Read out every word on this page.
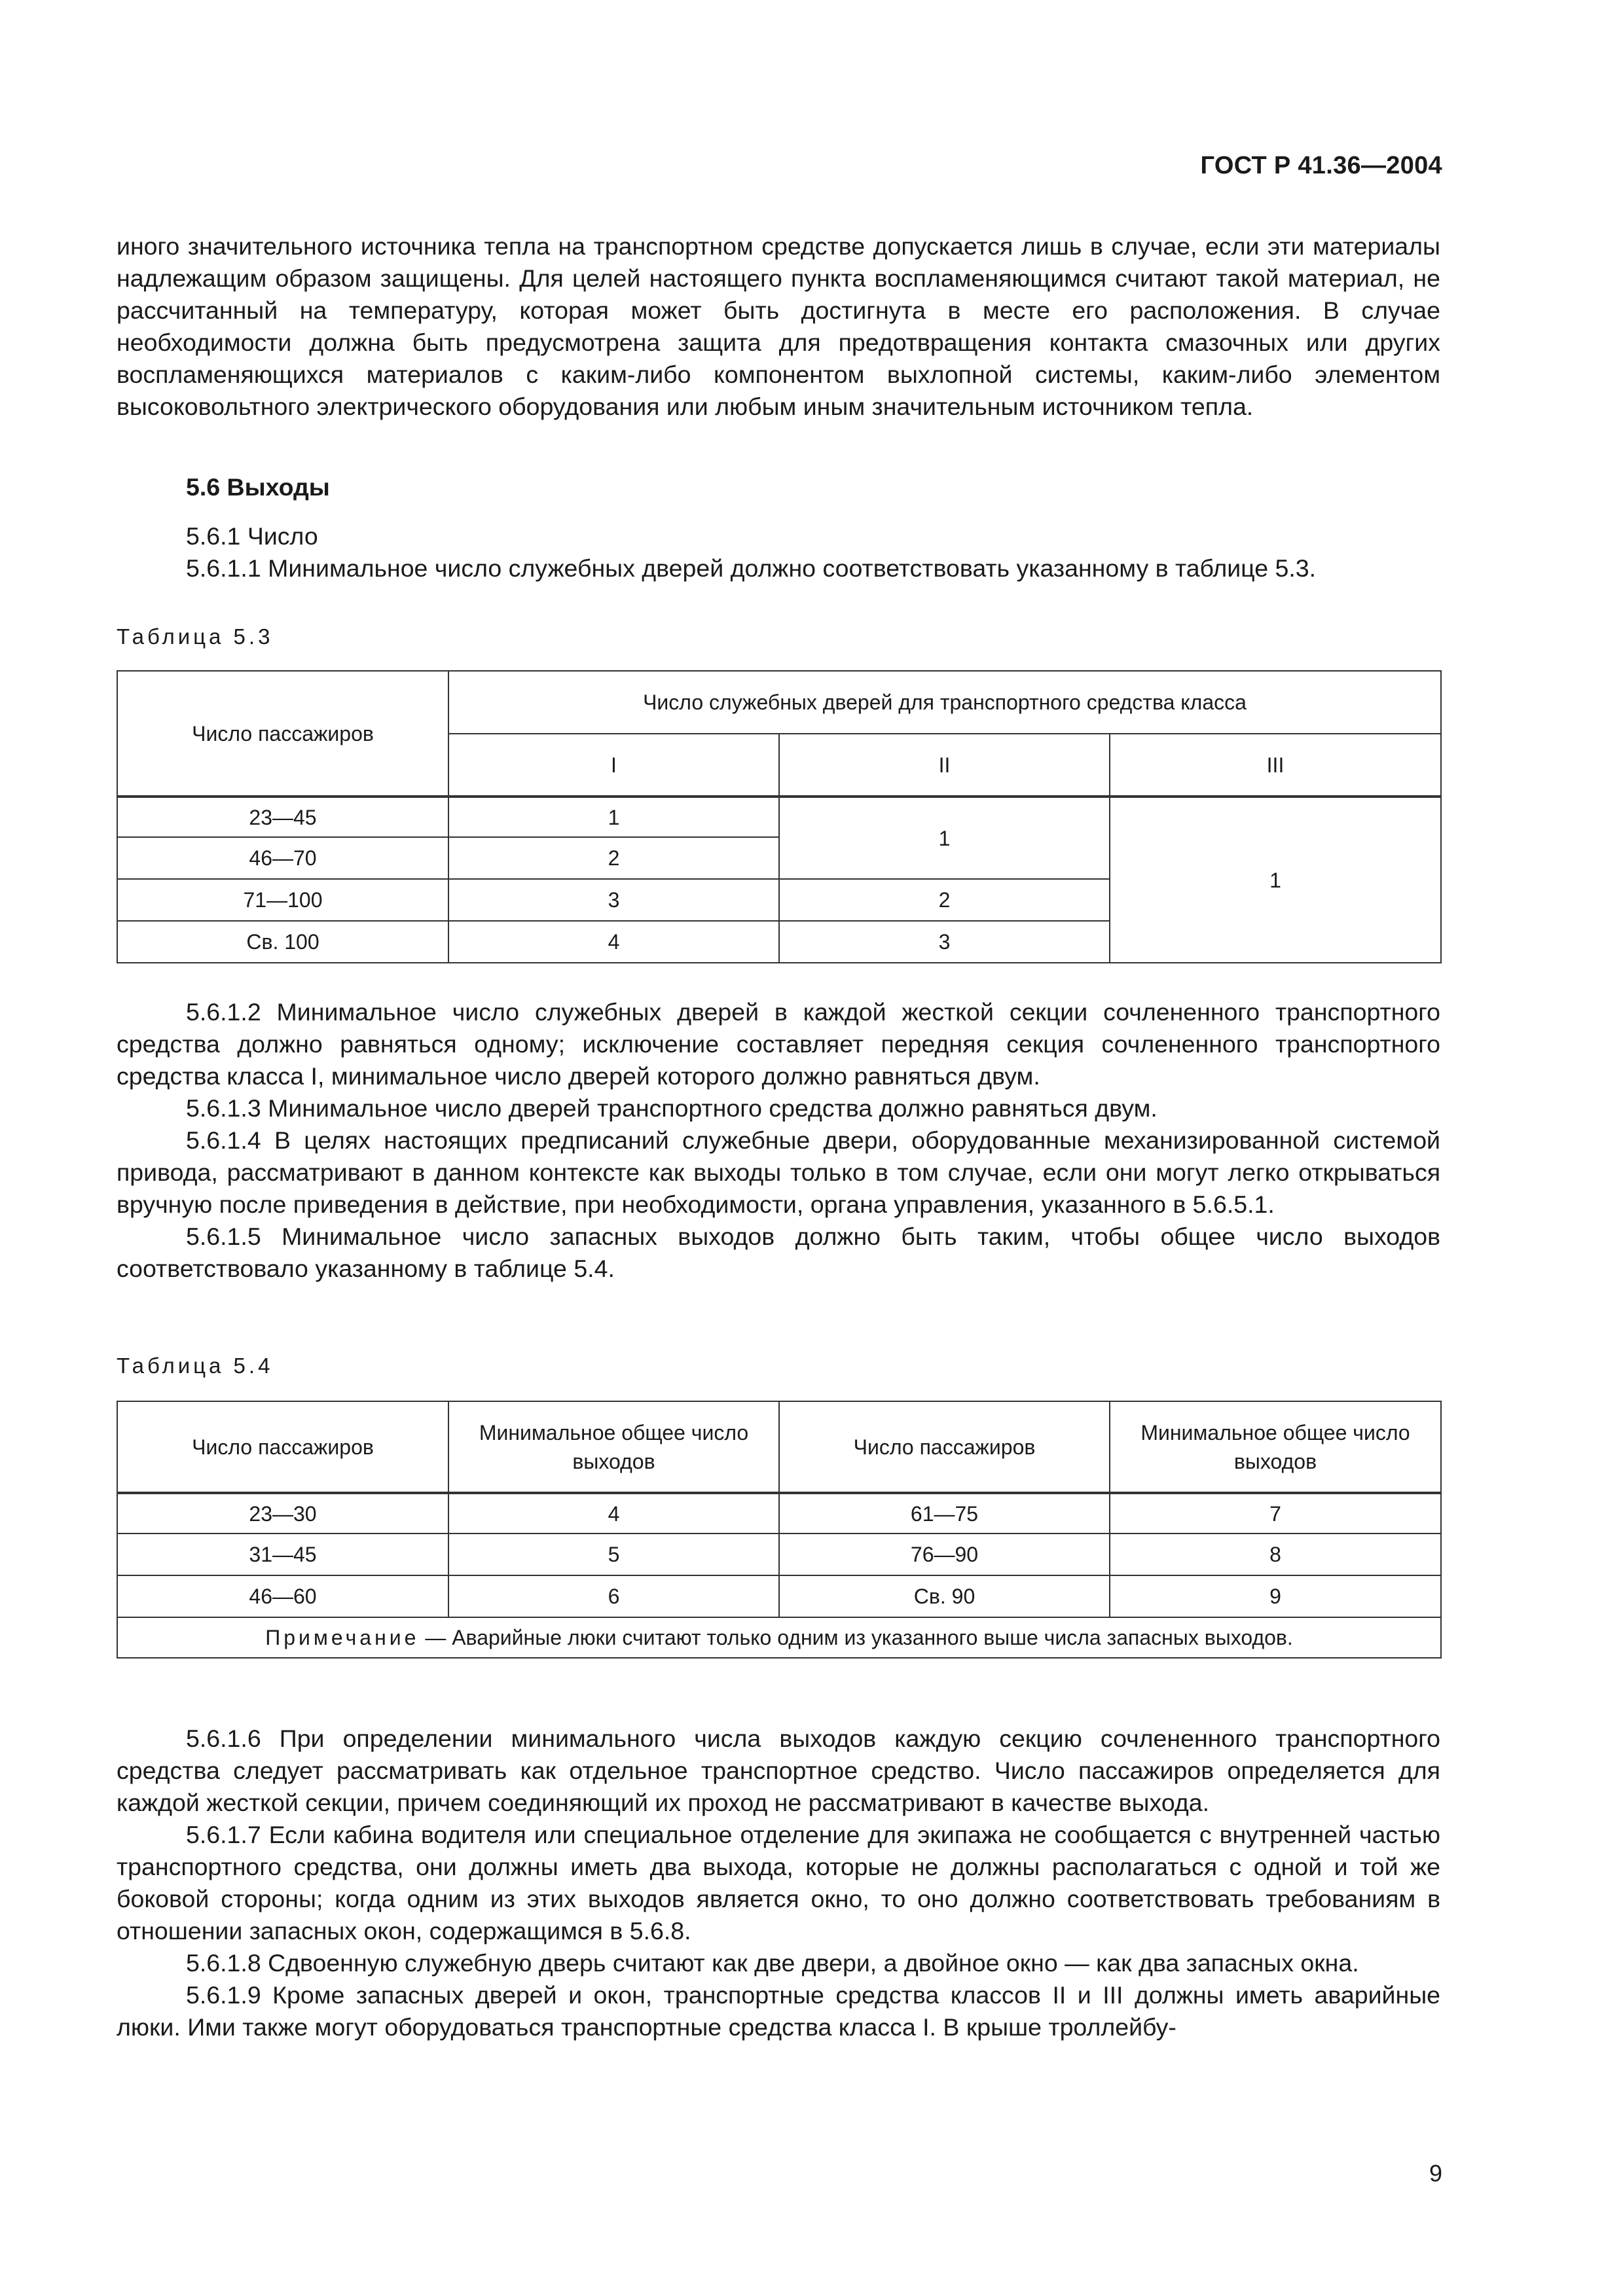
ГОСТ Р 41.36—2004

иного значительного источника тепла на транспортном средстве допускается лишь в случае, если эти материалы надлежащим образом защищены. Для целей настоящего пункта воспламеняющимся считают такой материал, не рассчитанный на температуру, которая может быть достигнута в месте его расположения. В случае необходимости должна быть предусмотрена защита для предотвращения контакта смазочных или других воспламеняющихся материалов с каким-либо компонентом выхлопной системы, каким-либо элементом высоковольтного электрического оборудования или любым иным значительным источником тепла.

5.6 Выходы

5.6.1 Число

5.6.1.1 Минимальное число служебных дверей должно соответствовать указанному в таблице 5.3.

Таблица 5.3

Число пассажиров	Число служебных дверей для транспортного средства класса		
	I	II	III
23—45	1	1	1
46—70	2		
71—100	3	2	
Св. 100	4	3	

5.6.1.2 Минимальное число служебных дверей в каждой жесткой секции сочлененного транспортного средства должно равняться одному; исключение составляет передняя секция сочлененного транспортного средства класса I, минимальное число дверей которого должно равняться двум.

5.6.1.3 Минимальное число дверей транспортного средства должно равняться двум.

5.6.1.4 В целях настоящих предписаний служебные двери, оборудованные механизированной системой привода, рассматривают в данном контексте как выходы только в том случае, если они могут легко открываться вручную после приведения в действие, при необходимости, органа управления, указанного в 5.6.5.1.

5.6.1.5 Минимальное число запасных выходов должно быть таким, чтобы общее число выходов соответствовало указанному в таблице 5.4.

Таблица 5.4

Число пассажиров	Минимальное общее число выходов	Число пассажиров	Минимальное общее число выходов
23—30	4	61—75	7
31—45	5	76—90	8
46—60	6	Св. 90	9
Примечание — Аварийные люки считают только одним из указанного выше числа запасных выходов.			

5.6.1.6 При определении минимального числа выходов каждую секцию сочлененного транспортного средства следует рассматривать как отдельное транспортное средство. Число пассажиров определяется для каждой жесткой секции, причем соединяющий их проход не рассматривают в качестве выхода.

5.6.1.7 Если кабина водителя или специальное отделение для экипажа не сообщается с внутренней частью транспортного средства, они должны иметь два выхода, которые не должны располагаться с одной и той же боковой стороны; когда одним из этих выходов является окно, то оно должно соответствовать требованиям в отношении запасных окон, содержащимся в 5.6.8.

5.6.1.8 Сдвоенную служебную дверь считают как две двери, а двойное окно — как два запасных окна.

5.6.1.9 Кроме запасных дверей и окон, транспортные средства классов II и III должны иметь аварийные люки. Ими также могут оборудоваться транспортные средства класса I. В крыше троллейбу-

9
